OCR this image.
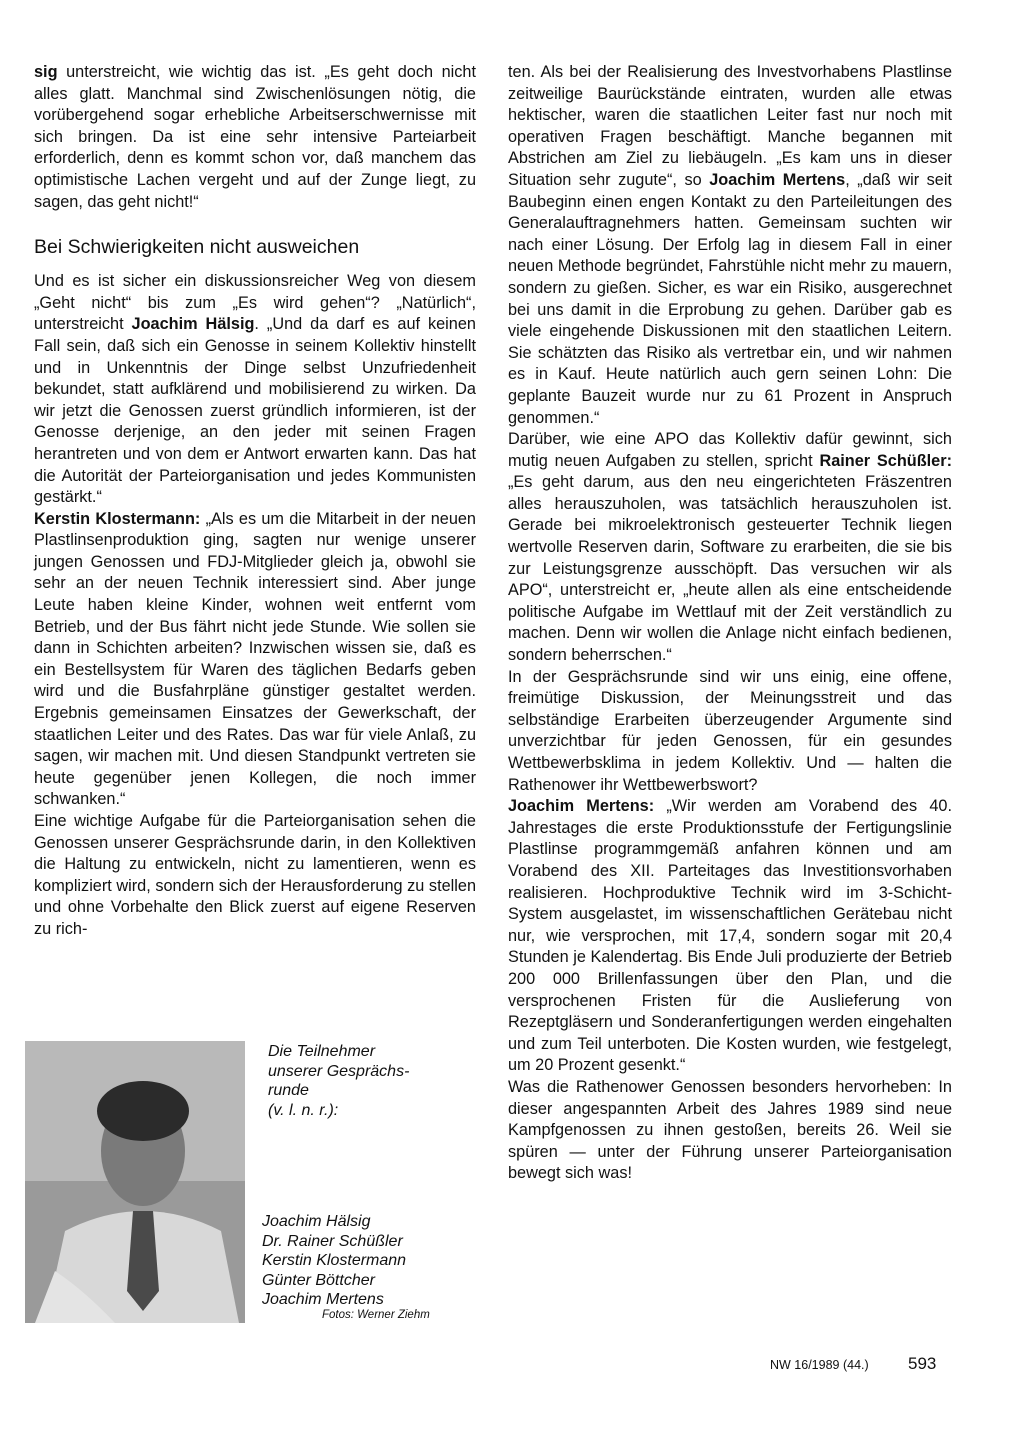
sig unterstreicht, wie wichtig das ist. „Es geht doch nicht alles glatt. Manchmal sind Zwischenlösungen nötig, die vorübergehend sogar erhebliche Arbeitserschwernisse mit sich bringen. Da ist eine sehr intensive Parteiarbeit erforderlich, denn es kommt schon vor, daß manchem das optimistische Lachen vergeht und auf der Zunge liegt, zu sagen, das geht nicht!“

Bei Schwierigkeiten nicht ausweichen

Und es ist sicher ein diskussionsreicher Weg von diesem „Geht nicht“ bis zum „Es wird gehen“? „Natürlich“, unterstreicht Joachim Hälsig. „Und da darf es auf keinen Fall sein, daß sich ein Genosse in seinem Kollektiv hinstellt und in Unkenntnis der Dinge selbst Unzufriedenheit bekundet, statt aufklärend und mobilisierend zu wirken. Da wir jetzt die Genossen zuerst gründlich informieren, ist der Genosse derjenige, an den jeder mit seinen Fragen herantreten und von dem er Antwort erwarten kann. Das hat die Autorität der Parteiorganisation und jedes Kommunisten gestärkt.“

Kerstin Klostermann: „Als es um die Mitarbeit in der neuen Plastlinsenproduktion ging, sagten nur wenige unserer jungen Genossen und FDJ-Mitglieder gleich ja, obwohl sie sehr an der neuen Technik interessiert sind. Aber junge Leute haben kleine Kinder, wohnen weit entfernt vom Betrieb, und der Bus fährt nicht jede Stunde. Wie sollen sie dann in Schichten arbeiten? Inzwischen wissen sie, daß es ein Bestellsystem für Waren des täglichen Bedarfs geben wird und die Busfahrpläne günstiger gestaltet werden. Ergebnis gemeinsamen Einsatzes der Gewerkschaft, der staatlichen Leiter und des Rates. Das war für viele Anlaß, zu sagen, wir machen mit. Und diesen Standpunkt vertreten sie heute gegenüber jenen Kollegen, die noch immer schwanken.“

Eine wichtige Aufgabe für die Parteiorganisation sehen die Genossen unserer Gesprächsrunde darin, in den Kollektiven die Haltung zu entwickeln, nicht zu lamentieren, wenn es kompliziert wird, sondern sich der Herausforderung zu stellen und ohne Vorbehalte den Blick zuerst auf eigene Reserven zu rich-

ten. Als bei der Realisierung des Investvorhabens Plastlinse zeitweilige Baurückstände eintraten, wurden alle etwas hektischer, waren die staatlichen Leiter fast nur noch mit operativen Fragen beschäftigt. Manche begannen mit Abstrichen am Ziel zu liebäugeln. „Es kam uns in dieser Situation sehr zugute“, so Joachim Mertens, „daß wir seit Baubeginn einen engen Kontakt zu den Parteileitungen des Generalauftragnehmers hatten. Gemeinsam suchten wir nach einer Lösung. Der Erfolg lag in diesem Fall in einer neuen Methode begründet, Fahrstühle nicht mehr zu mauern, sondern zu gießen. Sicher, es war ein Risiko, ausgerechnet bei uns damit in die Erprobung zu gehen. Darüber gab es viele eingehende Diskussionen mit den staatlichen Leitern. Sie schätzten das Risiko als vertretbar ein, und wir nahmen es in Kauf. Heute natürlich auch gern seinen Lohn: Die geplante Bauzeit wurde nur zu 61 Prozent in Anspruch genommen.“

Darüber, wie eine APO das Kollektiv dafür gewinnt, sich mutig neuen Aufgaben zu stellen, spricht Rainer Schüßler: „Es geht darum, aus den neu eingerichteten Fräszentren alles herauszuholen, was tatsächlich herauszuholen ist. Gerade bei mikroelektronisch gesteuerter Technik liegen wertvolle Reserven darin, Software zu erarbeiten, die sie bis zur Leistungsgrenze ausschöpft. Das versuchen wir als APO“, unterstreicht er, „heute allen als eine entscheidende politische Aufgabe im Wettlauf mit der Zeit verständlich zu machen. Denn wir wollen die Anlage nicht einfach bedienen, sondern beherrschen.“

In der Gesprächsrunde sind wir uns einig, eine offene, freimütige Diskussion, der Meinungsstreit und das selbständige Erarbeiten überzeugender Argumente sind unverzichtbar für jeden Genossen, für ein gesundes Wettbewerbsklima in jedem Kollektiv. Und — halten die Rathenower ihr Wettbewerbswort?

Joachim Mertens: „Wir werden am Vorabend des 40. Jahrestages die erste Produktionsstufe der Fertigungslinie Plastlinse programmgemäß anfahren können und am Vorabend des XII. Parteitages das Investitionsvorhaben realisieren. Hochproduktive Technik wird im 3-Schicht-System ausgelastet, im wissenschaftlichen Gerätebau nicht nur, wie versprochen, mit 17,4, sondern sogar mit 20,4 Stunden je Kalendertag. Bis Ende Juli produzierte der Betrieb 200 000 Brillenfassungen über den Plan, und die versprochenen Fristen für die Auslieferung von Rezeptgläsern und Sonderanfertigungen werden eingehalten und zum Teil unterboten. Die Kosten wurden, wie festgelegt, um 20 Prozent gesenkt.“

Was die Rathenower Genossen besonders hervorheben: In dieser angespannten Arbeit des Jahres 1989 sind neue Kampfgenossen zu ihnen gestoßen, bereits 26. Weil sie spüren — unter der Führung unserer Parteiorganisation bewegt sich was!

Die Teilnehmer

unserer Gesprächs-

runde

(v. l. n. r.):

Joachim Hälsig

Dr. Rainer Schüßler

Kerstin Klostermann

Günter Böttcher

Joachim Mertens

Fotos: Werner Ziehm
NW 16/1989 (44.) 593
